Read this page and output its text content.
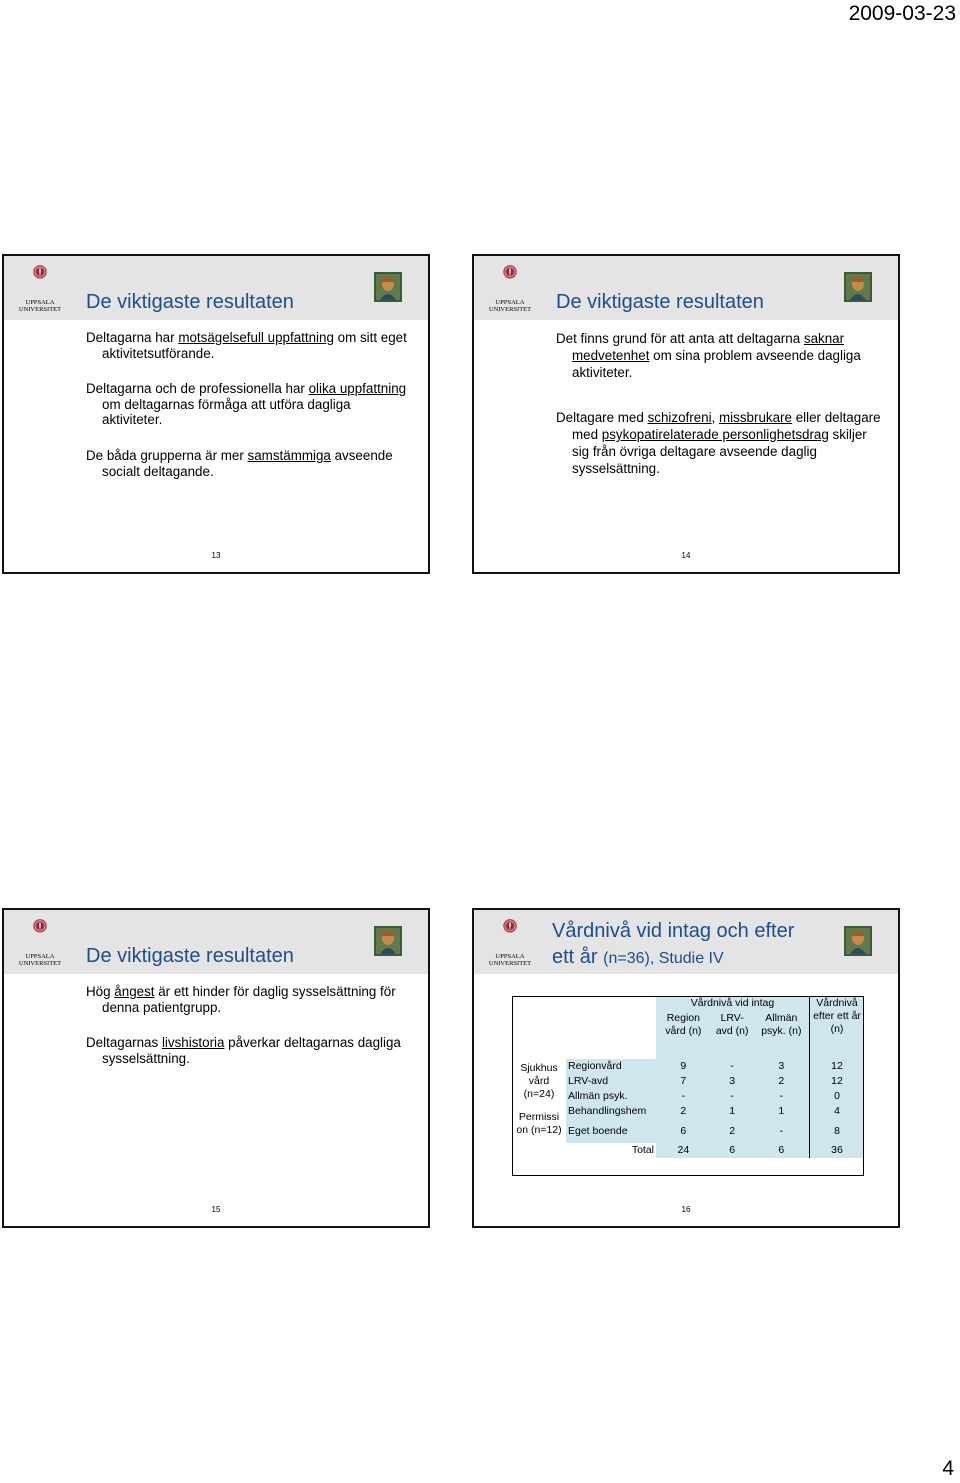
2009-03-23
UPPSALA
UNIVERSITET	De viktigaste resultaten

Deltagarna har motsägelsefull uppfattning om sitt eget aktivitetsutförande.

Deltagarna och de professionella har olika uppfattning om deltagarnas förmåga att utföra dagliga aktiviteter.

De båda grupperna är mer samstämmiga avseende socialt deltagande.

13
UPPSALA
UNIVERSITET	De viktigaste resultaten

Det finns grund för att anta att deltagarna saknar medvetenhet om sina problem avseende dagliga aktiviteter.

Deltagare med schizofreni, missbrukare eller deltagare med psykopatirelaterade personlighetsdrag skiljer sig från övriga deltagare avseende daglig sysselsättning.

14
UPPSALA
UNIVERSITET	De viktigaste resultaten

Hög ångest är ett hinder för daglig sysselsättning för denna patientgrupp.

Deltagarnas livshistoria påverkar deltagarnas dagliga sysselsättning.

15
UPPSALA
UNIVERSITET
Vårdnivå vid intag och efter
ett år (n=36), Studie IV
		Vårdnivå vid intag			Vårdnivå efter ett år (n)
		Region vård (n)	LRV- avd (n)	Allmän psyk. (n)	
Sjukhus vård (n=24)	Regionvård	9	-	3	12
	LRV-avd	7	3	2	12
	Allmän psyk.	-	-	-	0
Permissi on (n=12)	Behandlingshem	2	1	1	4
	Eget boende	6	2	-	8
	Total	24	6	6	36
16
4
